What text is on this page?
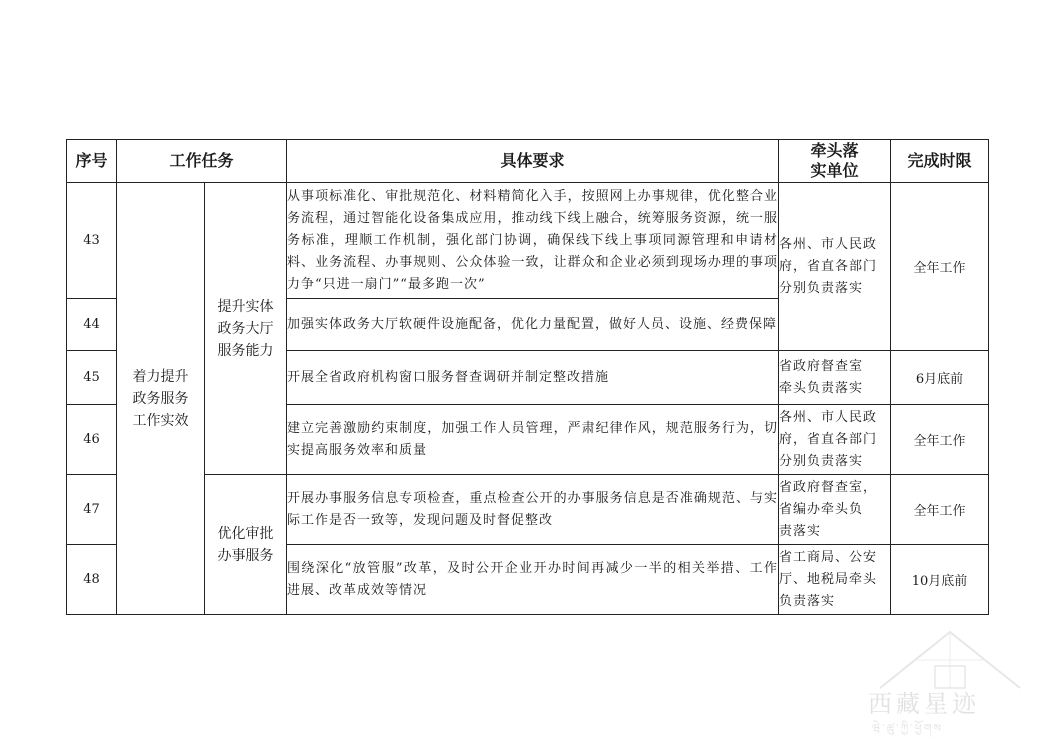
序号	工作任务		具体要求	牵头落
实单位	完成时限
43	着力提升
政务服务
工作实效	提升实体
政务大厅
服务能力	从事项标准化、审批规范化、材料精简化入手，按照网上办事规律，优化整合业务流程，通过智能化设备集成应用，推动线下线上融合，统筹服务资源，统一服务标准，理顺工作机制，强化部门协调，确保线下线上事项同源管理和申请材料、业务流程、办事规则、公众体验一致，让群众和企业必须到现场办理的事项力争“只进一扇门”“最多跑一次”	各州、市人民政
府，省直各部门
分别负责落实	全年工作
44			加强实体政务大厅软硬件设施配备，优化力量配置，做好人员、设施、经费保障		
45			开展全省政府机构窗口服务督查调研并制定整改措施	省政府督查室
牵头负责落实	6月底前
46			建立完善激励约束制度，加强工作人员管理，严肃纪律作风，规范服务行为，切实提高服务效率和质量	各州、市人民政
府，省直各部门
分别负责落实	全年工作
47		优化审批
办事服务	开展办事服务信息专项检查，重点检查公开的办事服务信息是否准确规范、与实际工作是否一致等，发现问题及时督促整改	省政府督查室，
省编办牵头负
责落实	全年工作
48			围绕深化“放管服”改革，及时公开企业开办时间再减少一半的相关举措、工作进展、改革成效等情况	省工商局、公安
厅、地税局牵头
负责落实	10月底前
西藏星迹
ཝེ་ཚུ་ཀྱི་ཕྱོགས
